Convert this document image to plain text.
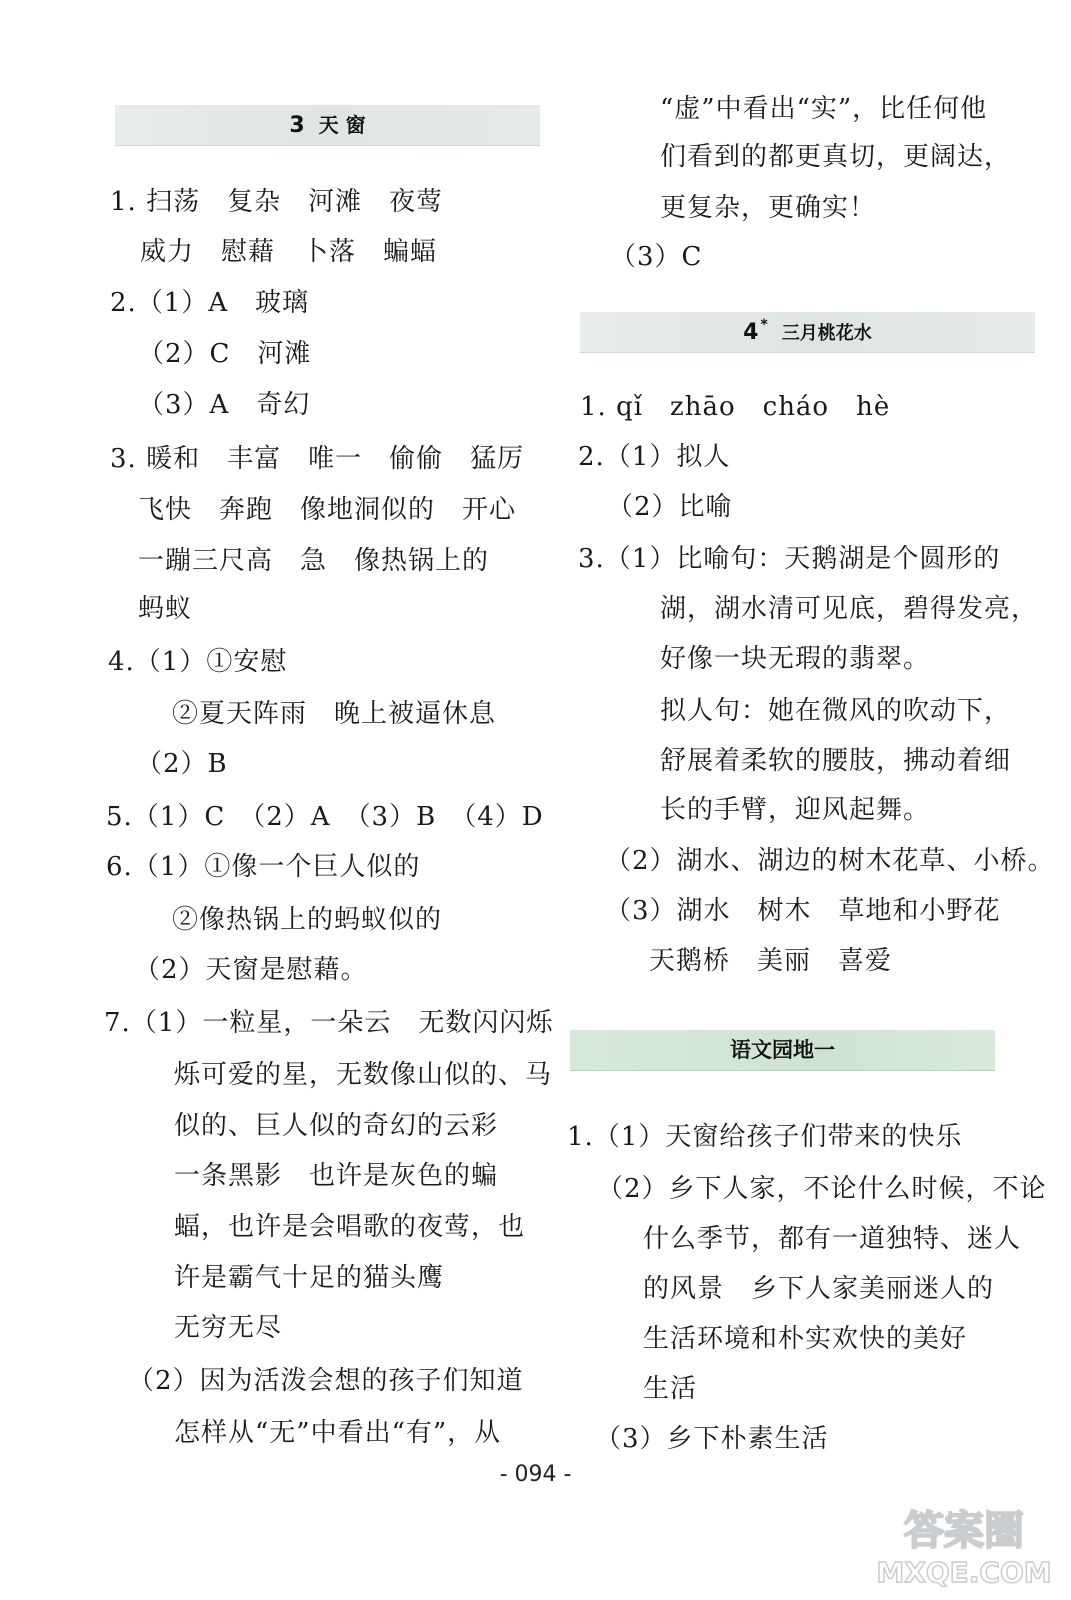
3 天 窗
1. 扫荡　复杂　河滩　夜莺
威力　慰藉　卜落　蝙蝠
2.（1）A　玻璃
（2）C　河滩
（3）A　奇幻
3. 暖和　丰富　唯一　偷偷　猛厉
飞快　奔跑　像地洞似的　开心
一蹦三尺高　急　像热锅上的
蚂蚁
4.（1）①安慰
②夏天阵雨　晚上被逼休息
（2）B
5.（1）C　（2）A　（3）B　（4）D
6.（1）①像一个巨人似的
②像热锅上的蚂蚁似的
（2）天窗是慰藉。
7.（1）一粒星，一朵云　无数闪闪烁
烁可爱的星，无数像山似的、马
似的、巨人似的奇幻的云彩
一条黑影　也许是灰色的蝙
蝠，也许是会唱歌的夜莺，也
许是霸气十足的猫头鹰
无穷无尽
（2）因为活泼会想的孩子们知道
怎样从“无”中看出“有”，从
“虚”中看出“实”，比任何他
们看到的都更真切，更阔达，
更复杂，更确实！
（3）C
4 * 三月桃花水
1. qǐ　zhāo　cháo　hè
2.（1）拟人
（2）比喻
3.（1）比喻句：天鹅湖是个圆形的
湖，湖水清可见底，碧得发亮，
好像一块无瑕的翡翠。
拟人句：她在微风的吹动下，
舒展着柔软的腰肢，拂动着细
长的手臂，迎风起舞。
（2）湖水、湖边的树木花草、小桥。
（3）湖水　树木　草地和小野花
天鹅桥　美丽　喜爱
语文园地一
1.（1）天窗给孩子们带来的快乐
（2）乡下人家，不论什么时候，不论
什么季节，都有一道独特、迷人
的风景　乡下人家美丽迷人的
生活环境和朴实欢快的美好
生活
（3）乡下朴素生活
- 094 -
答案圈
MXQE.COM
